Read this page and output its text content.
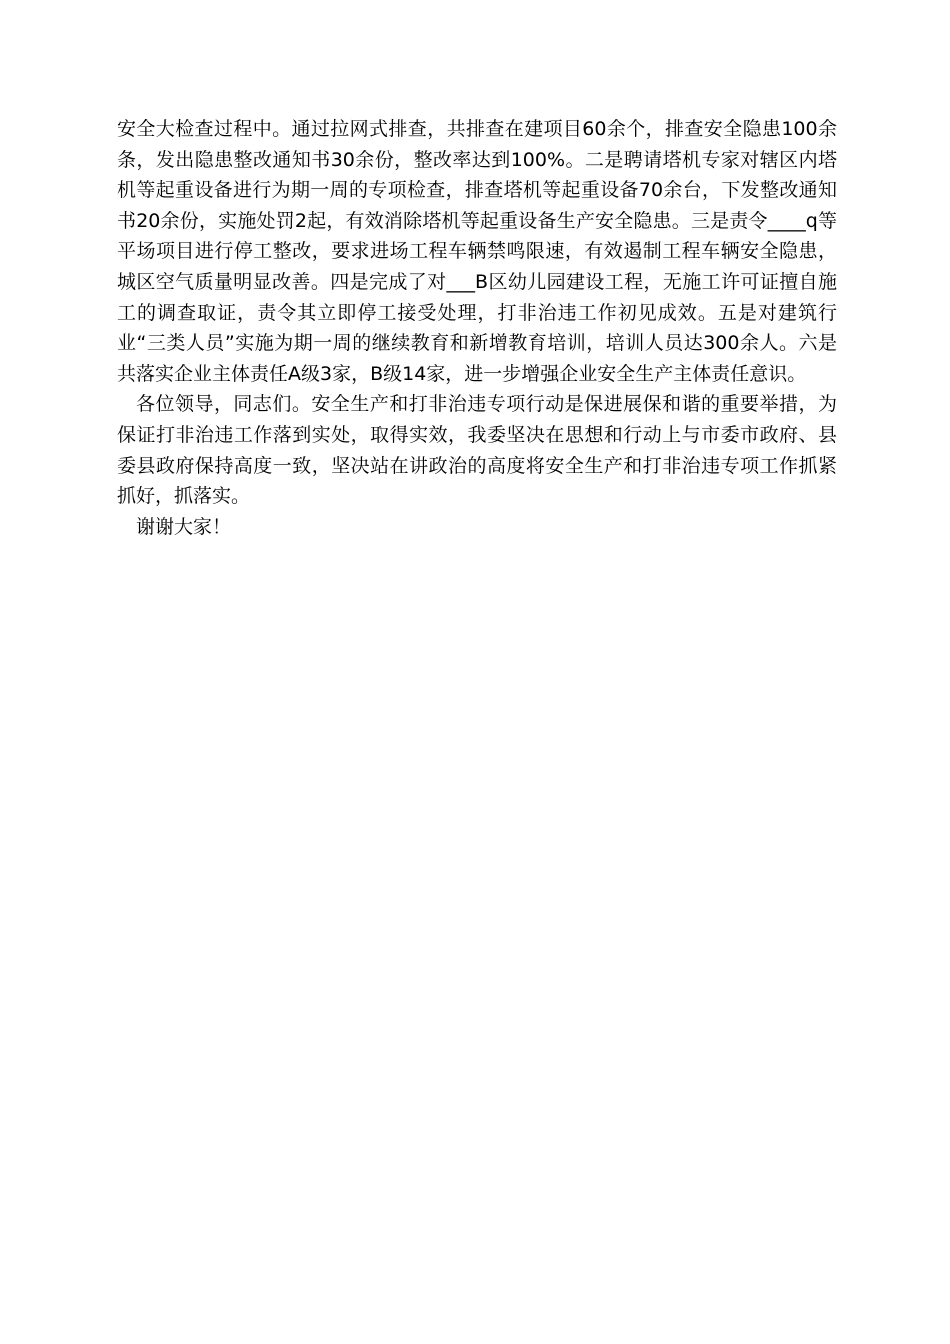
安全大检查过程中。通过拉网式排查，共排查在建项目60余个，排查安全隐患100余条，发出隐患整改通知书30余份，整改率达到100%。二是聘请塔机专家对辖区内塔机等起重设备进行为期一周的专项检查，排查塔机等起重设备70余台，下发整改通知书20余份，实施处罚2起，有效消除塔机等起重设备生产安全隐患。三是责令____q等平场项目进行停工整改，要求进场工程车辆禁鸣限速，有效遏制工程车辆安全隐患，城区空气质量明显改善。四是完成了对___B区幼儿园建设工程，无施工许可证擅自施工的调查取证，责令其立即停工接受处理，打非治违工作初见成效。五是对建筑行业“三类人员”实施为期一周的继续教育和新增教育培训，培训人员达300余人。六是共落实企业主体责任A级3家，B级14家，进一步增强企业安全生产主体责任意识。

各位领导，同志们。安全生产和打非治违专项行动是保进展保和谐的重要举措，为保证打非治违工作落到实处，取得实效，我委坚决在思想和行动上与市委市政府、县委县政府保持高度一致，坚决站在讲政治的高度将安全生产和打非治违专项工作抓紧抓好，抓落实。

谢谢大家！
